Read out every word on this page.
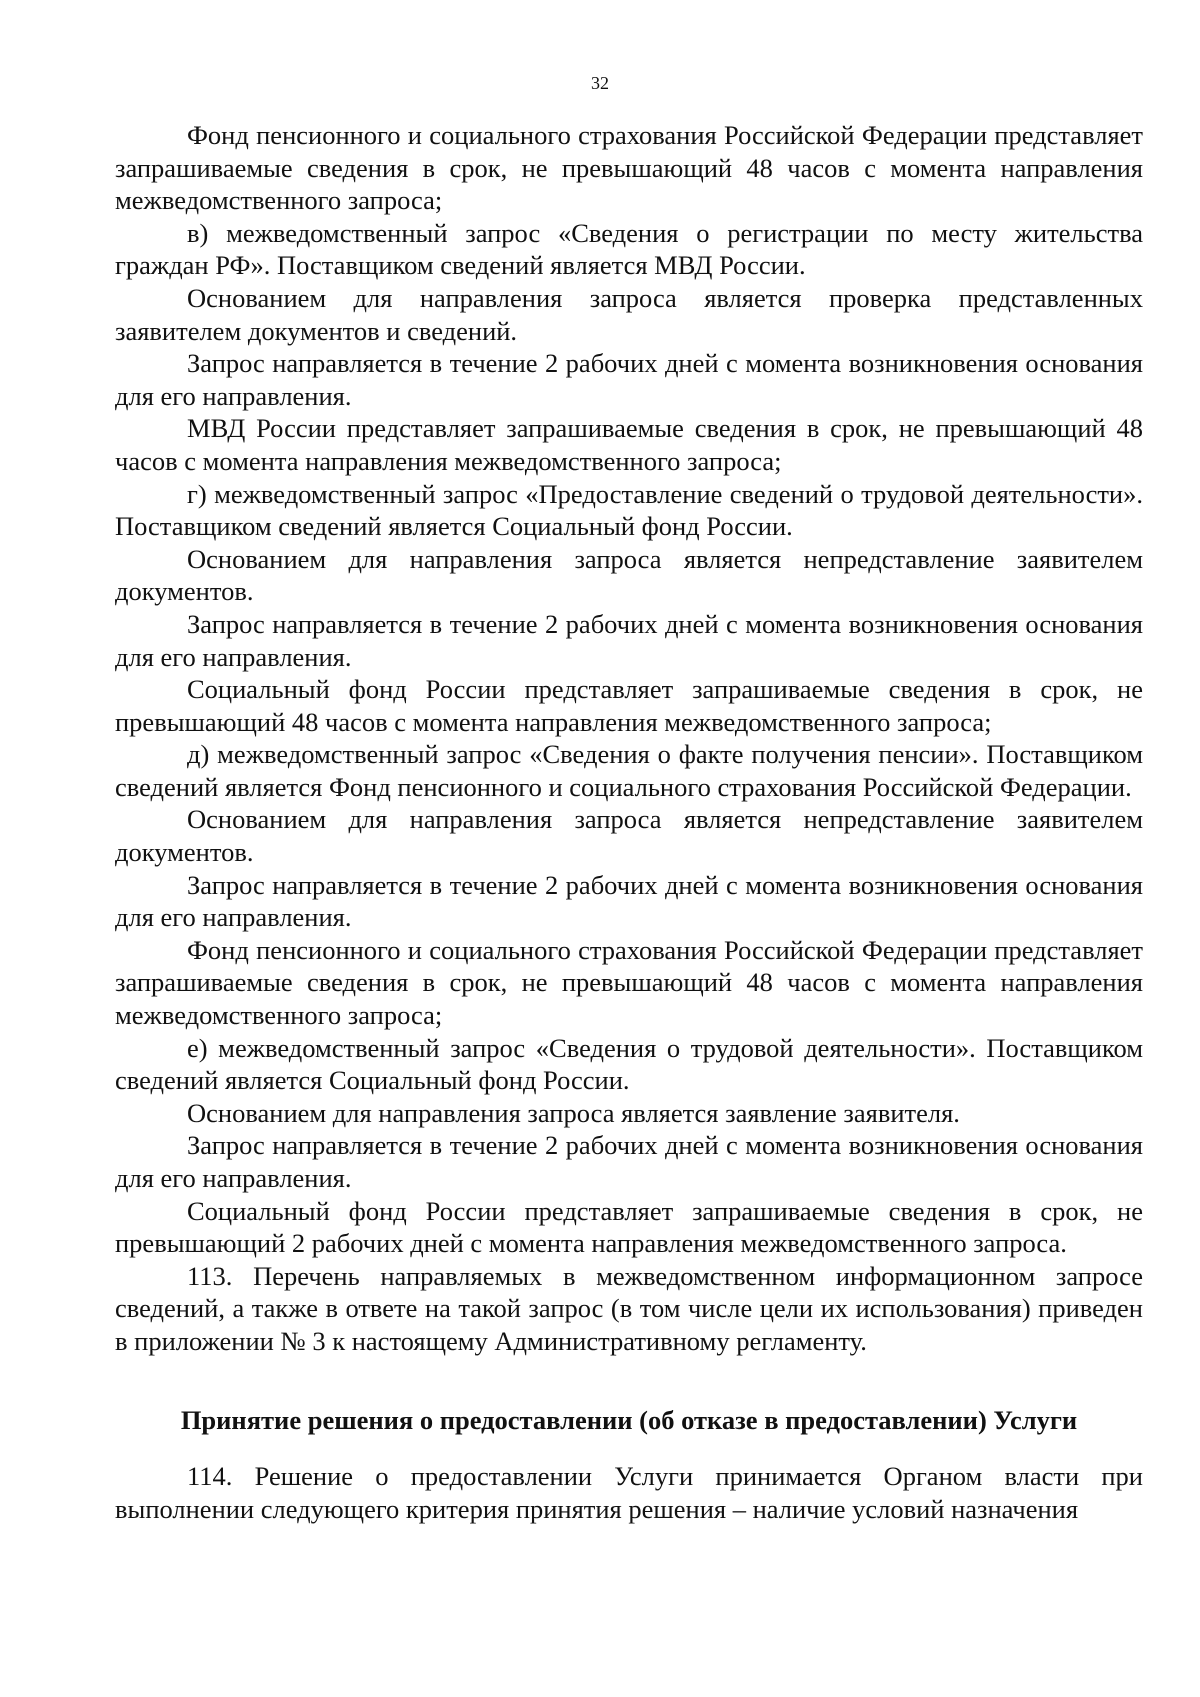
32

Фонд пенсионного и социального страхования Российской Федерации представляет запрашиваемые сведения в срок, не превышающий 48 часов с момента направления межведомственного запроса;

в) межведомственный запрос «Сведения о регистрации по месту жительства граждан РФ». Поставщиком сведений является МВД России.

Основанием для направления запроса является проверка представленных заявителем документов и сведений.

Запрос направляется в течение 2 рабочих дней с момента возникновения основания для его направления.

МВД России представляет запрашиваемые сведения в срок, не превышающий 48 часов с момента направления межведомственного запроса;

г) межведомственный запрос «Предоставление сведений о трудовой деятельности». Поставщиком сведений является Социальный фонд России.

Основанием для направления запроса является непредставление заявителем документов.

Запрос направляется в течение 2 рабочих дней с момента возникновения основания для его направления.

Социальный фонд России представляет запрашиваемые сведения в срок, не превышающий 48 часов с момента направления межведомственного запроса;

д) межведомственный запрос «Сведения о факте получения пенсии». Поставщиком сведений является Фонд пенсионного и социального страхования Российской Федерации.

Основанием для направления запроса является непредставление заявителем документов.

Запрос направляется в течение 2 рабочих дней с момента возникновения основания для его направления.

Фонд пенсионного и социального страхования Российской Федерации представляет запрашиваемые сведения в срок, не превышающий 48 часов с момента направления межведомственного запроса;

е) межведомственный запрос «Сведения о трудовой деятельности». Поставщиком сведений является Социальный фонд России.

Основанием для направления запроса является заявление заявителя.

Запрос направляется в течение 2 рабочих дней с момента возникновения основания для его направления.

Социальный фонд России представляет запрашиваемые сведения в срок, не превышающий 2 рабочих дней с момента направления межведомственного запроса.

113. Перечень направляемых в межведомственном информационном запросе сведений, а также в ответе на такой запрос (в том числе цели их использования) приведен в приложении № 3 к настоящему Административному регламенту.

Принятие решения о предоставлении (об отказе в предоставлении) Услуги

114. Решение о предоставлении Услуги принимается Органом власти при выполнении следующего критерия принятия решения – наличие условий назначения
